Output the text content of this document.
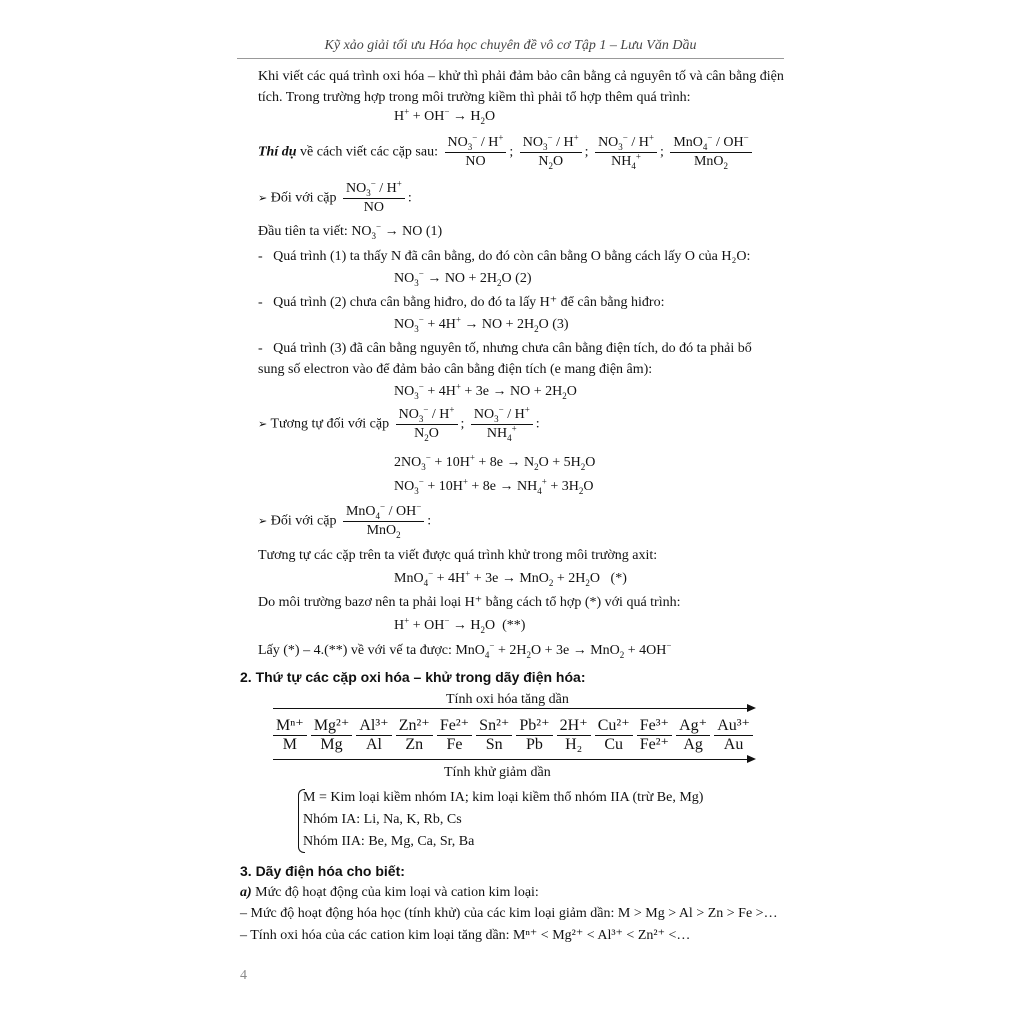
Kỹ xảo giải tối ưu Hóa học chuyên đề vô cơ Tập 1 – Lưu Văn Dầu
Khi viết các quá trình oxi hóa – khử thì phải đảm bảo cân bằng cả nguyên tố và cân bằng điện
tích. Trong trường hợp trong môi trường kiềm thì phải tổ hợp thêm quá trình:
$H^+ + OH^- \to H_2O$
Thí dụ về cách viết các cặp sau: $\frac{NO_3^- / H^+}{NO}$ ; $\frac{NO_3^- / H^+}{N_2O}$ ; $\frac{NO_3^- / H^+}{NH_4^+}$ ; $\frac{MnO_4^- / OH^-}{MnO_2}$
➢ Đối với cặp $\frac{NO_3^- / H^+}{NO}$ :
Đầu tiên ta viết: $NO_3^-$ → NO (1)
-   Quá trình (1) ta thấy N đã cân bằng, do đó còn cân bằng O bằng cách lấy O của H₂O:
$NO_3^-$ → NO + $2H_2O$ (2)
-   Quá trình (2) chưa cân bằng hiđro, do đó ta lấy H⁺ để cân bằng hiđro:
$NO_3^- + 4H^+$ → NO + $2H_2O$ (3)
-   Quá trình (3) đã cân bằng nguyên tố, nhưng chưa cân bằng điện tích, do đó ta phải bổ
sung số electron vào để đảm bảo cân bằng điện tích (e mang điện âm):
$NO_3^- + 4H^+ + 3e$ → NO + $2H_2O$
➢ Tương tự đối với cặp $\frac{NO_3^- / H^+}{N_2O}$ ; $\frac{NO_3^- / H^+}{NH_4^+}$ :
$2NO_3^- + 10H^+ + 8e \to N_2O + 5H_2O$
$NO_3^- + 10H^+ + 8e \to NH_4^+ + 3H_2O$
➢ Đối với cặp $\frac{MnO_4^- / OH^-}{MnO_2}$ :
Tương tự các cặp trên ta viết được quá trình khử trong môi trường axit:
$MnO_4^- + 4H^+ + 3e \to MnO_2 + 2H_2O$   (*)
Do môi trường bazơ nên ta phải loại H⁺ bằng cách tổ hợp (*) với quá trình:
$H^+ + OH^- \to H_2O$  (**)
Lấy (*) – 4.(**) về với vế ta được: $MnO_4^- + 2H_2O + 3e \to MnO_2 + 4OH^-$
2. Thứ tự các cặp oxi hóa – khử trong dãy điện hóa:
Tính oxi hóa tăng dần
$\frac{\text{Mⁿ⁺}}{M} \frac{\text{Mg²⁺}}{Mg} \frac{\text{Al³⁺}}{Al} \frac{\text{Zn²⁺}}{Zn} \frac{\text{Fe²⁺}}{Fe} \frac{\text{Sn²⁺}}{Sn} \frac{\text{Pb²⁺}}{Pb} \frac{2H^+}{\text{H₂}} \frac{\text{Cu²⁺}}{Cu} \frac{\text{Fe³⁺}}{\text{Fe²⁺}} \frac{Ag^+}{Ag} \frac{\text{Au³⁺}}{Au}$
Tính khử giảm dần
M = Kim loại kiềm nhóm IA; kim loại kiềm thổ nhóm IIA (trừ Be, Mg)
Nhóm IA: Li, Na, K, Rb, Cs
Nhóm IIA: Be, Mg, Ca, Sr, Ba
3. Dãy điện hóa cho biết:
a) Mức độ hoạt động của kim loại và cation kim loại:
– Mức độ hoạt động hóa học (tính khử) của các kim loại giảm dần: M > Mg > Al > Zn > Fe >…
– Tính oxi hóa của các cation kim loại tăng dần: Mⁿ⁺ < Mg²⁺ < Al³⁺ < Zn²⁺ <…
4
